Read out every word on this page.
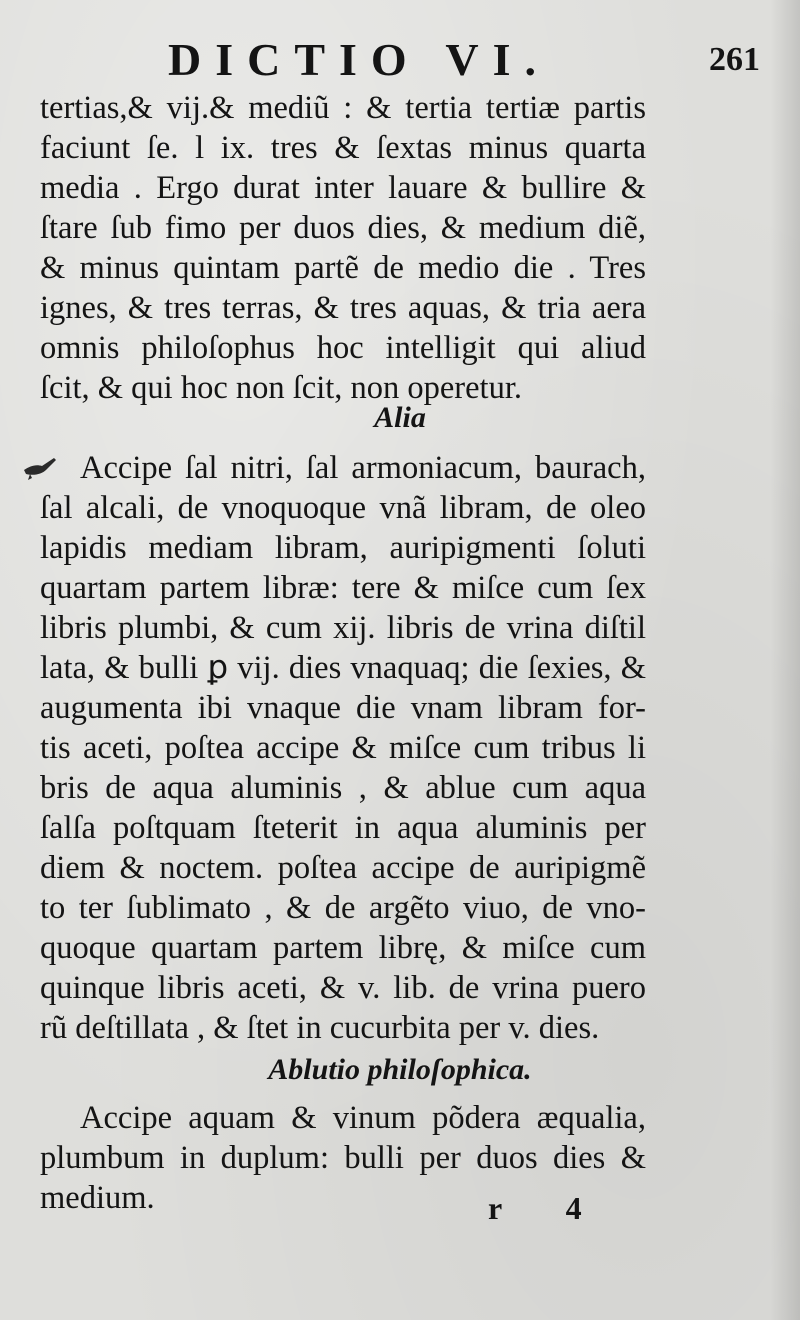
DICTIO VI.	261
tertias,& vij.& mediũ : & tertia tertiæ partis
faciunt ſe. l ix. tres & ſextas minus quarta
media . Ergo durat inter lauare & bullire &
ſtare ſub fimo per duos dies, & medium diẽ,
& minus quintam partẽ de medio die . Tres
ignes, & tres terras, & tres aquas, & tria aera
omnis philoſophus hoc intelligit qui aliud
ſcit, & qui hoc non ſcit, non operetur.
Alia
Accipe ſal nitri, ſal armoniacum, baurach,
ſal alcali, de vnoquoque vnã libram, de oleo
lapidis mediam libram, auripigmenti ſoluti
quartam partem libræ: tere & miſce cum ſex
libris plumbi, & cum xij. libris de vrina diſtil
lata, & bulli ꝑ vij. dies vnaquaq; die ſexies, &
augumenta ibi vnaque die vnam libram for-
tis aceti, poſtea accipe & miſce cum tribus li
bris de aqua aluminis , & ablue cum aqua
ſalſa poſtquam ſteterit in aqua aluminis per
diem & noctem. poſtea accipe de auripigmẽ
to ter ſublimato , & de argẽto viuo, de vno-
quoque quartam partem librę, & miſce cum
quinque libris aceti, & v. lib. de vrina puero
rũ deſtillata , & ſtet in cucurbita per v. dies.
Ablutio philoſophica.
Accipe aquam & vinum põdera æqualia,
plumbum in duplum: bulli per duos dies &
medium.	r 4
